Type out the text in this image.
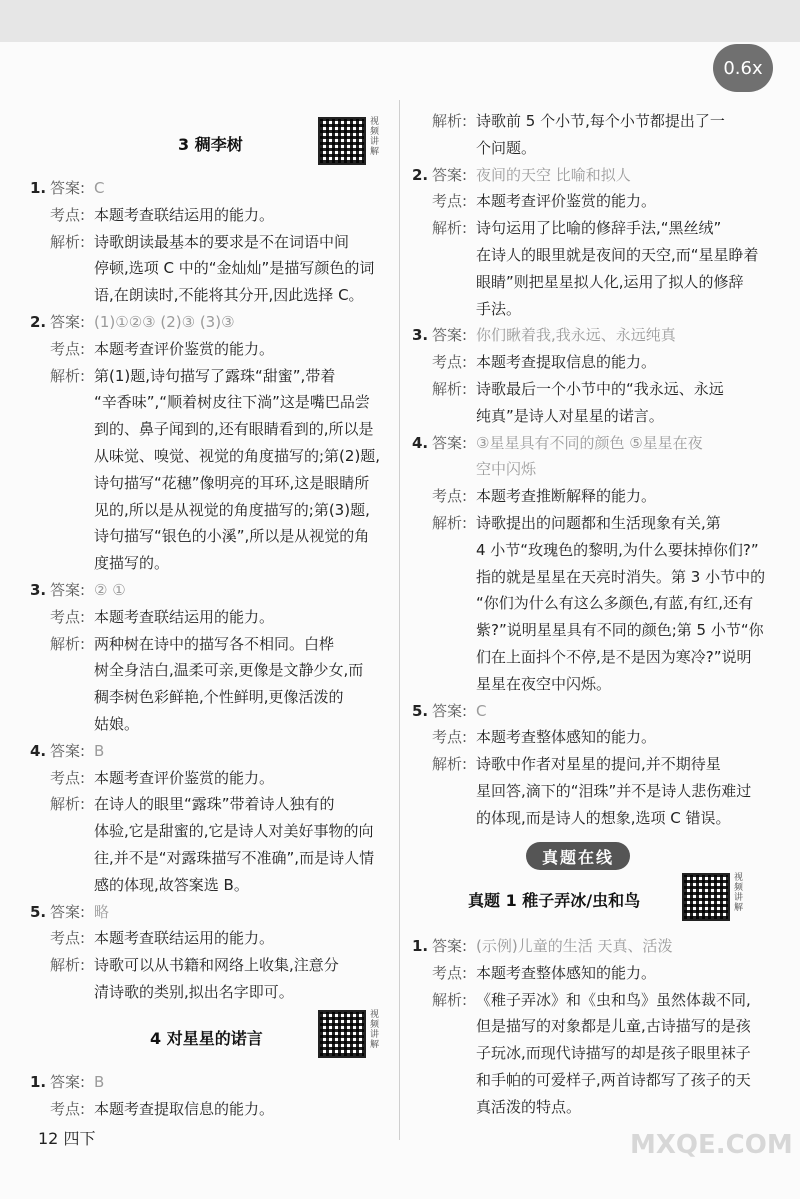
0.6x
3 稠李树
视频讲解
1. 答案: C
考点: 本题考查联结运用的能力。
解析: 诗歌朗读最基本的要求是不在词语中间
停顿,选项 C 中的“金灿灿”是描写颜色的词
语,在朗读时,不能将其分开,因此选择 C。
2. 答案: (1)①②③ (2)③ (3)③
考点: 本题考查评价鉴赏的能力。
解析: 第(1)题,诗句描写了露珠“甜蜜”,带着
“辛香味”,“顺着树皮往下淌”这是嘴巴品尝
到的、鼻子闻到的,还有眼睛看到的,所以是
从味觉、嗅觉、视觉的角度描写的;第(2)题,
诗句描写“花穗”像明亮的耳环,这是眼睛所
见的,所以是从视觉的角度描写的;第(3)题,
诗句描写“银色的小溪”,所以是从视觉的角
度描写的。
3. 答案: ② ①
考点: 本题考查联结运用的能力。
解析: 两种树在诗中的描写各不相同。白桦
树全身洁白,温柔可亲,更像是文静少女,而
稠李树色彩鲜艳,个性鲜明,更像活泼的
姑娘。
4. 答案: B
考点: 本题考查评价鉴赏的能力。
解析: 在诗人的眼里“露珠”带着诗人独有的
体验,它是甜蜜的,它是诗人对美好事物的向
往,并不是“对露珠描写不准确”,而是诗人情
感的体现,故答案选 B。
5. 答案: 略
考点: 本题考查联结运用的能力。
解析: 诗歌可以从书籍和网络上收集,注意分
清诗歌的类别,拟出名字即可。
1. 答案: B
考点: 本题考查提取信息的能力。
4 对星星的诺言
视频讲解
解析: 诗歌前 5 个小节,每个小节都提出了一
个问题。
2. 答案: 夜间的天空 比喻和拟人
考点: 本题考查评价鉴赏的能力。
解析: 诗句运用了比喻的修辞手法,“黑丝绒”
在诗人的眼里就是夜间的天空,而“星星睁着
眼睛”则把星星拟人化,运用了拟人的修辞
手法。
3. 答案: 你们瞅着我,我永远、永远纯真
考点: 本题考查提取信息的能力。
解析: 诗歌最后一个小节中的“我永远、永远
纯真”是诗人对星星的诺言。
4. 答案: ③星星具有不同的颜色 ⑤星星在夜
空中闪烁
考点: 本题考查推断解释的能力。
解析: 诗歌提出的问题都和生活现象有关,第
4 小节“玫瑰色的黎明,为什么要抹掉你们?”
指的就是星星在天亮时消失。第 3 小节中的
“你们为什么有这么多颜色,有蓝,有红,还有
紫?”说明星星具有不同的颜色;第 5 小节“你
们在上面抖个不停,是不是因为寒冷?”说明
星星在夜空中闪烁。
5. 答案: C
考点: 本题考查整体感知的能力。
解析: 诗歌中作者对星星的提问,并不期待星
星回答,滴下的“泪珠”并不是诗人悲伤难过
的体现,而是诗人的想象,选项 C 错误。
1. 答案: (示例)儿童的生活 天真、活泼
考点: 本题考查整体感知的能力。
解析: 《稚子弄冰》和《虫和鸟》虽然体裁不同,
但是描写的对象都是儿童,古诗描写的是孩
子玩冰,而现代诗描写的却是孩子眼里袜子
和手帕的可爱样子,两首诗都写了孩子的天
真活泼的特点。
真题在线
真题 1 稚子弄冰/虫和鸟
视频讲解
12 四下	MXQE.COM
